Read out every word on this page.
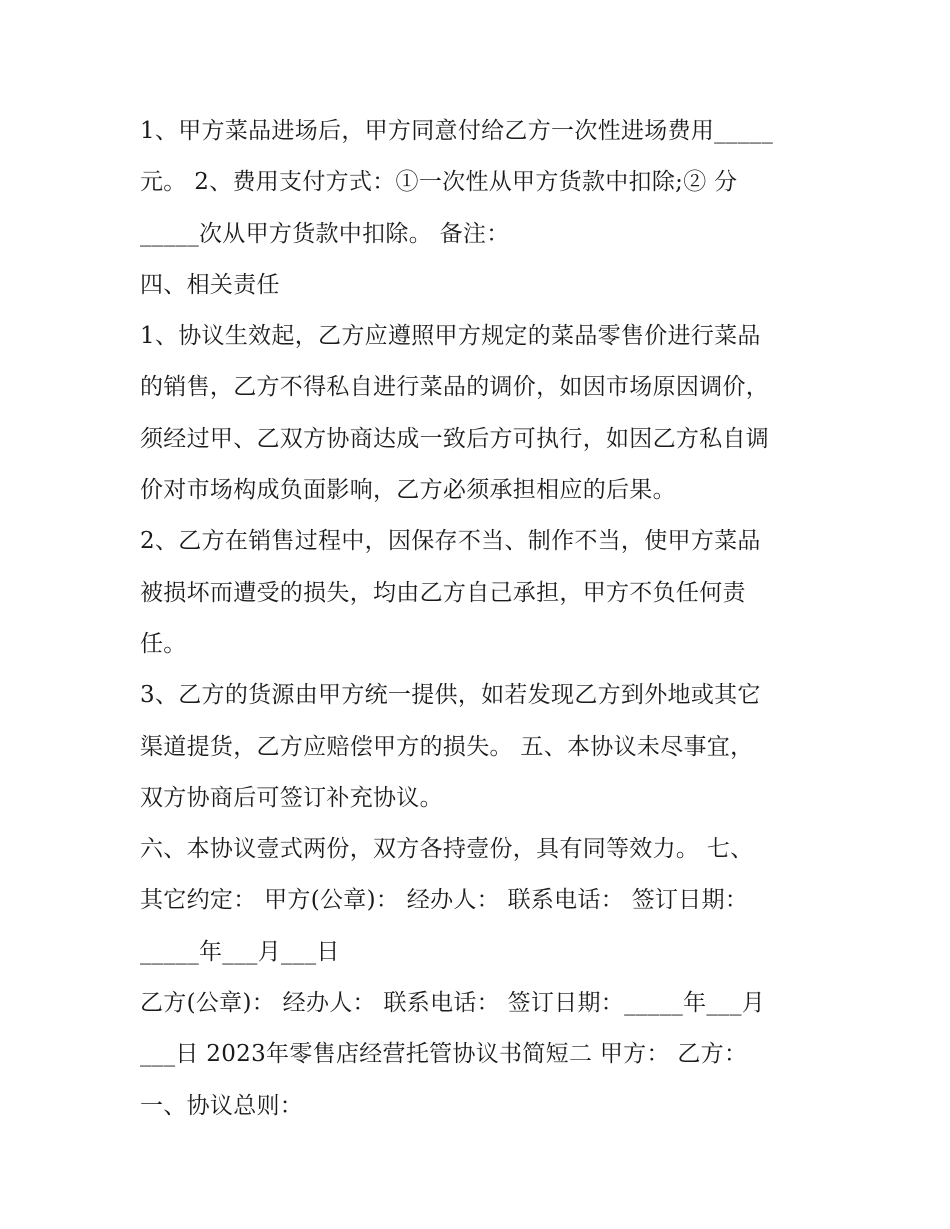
1、甲方菜品进场后，甲方同意付给乙方一次性进场费用_____
元。 2、费用支付方式：①一次性从甲方货款中扣除;② 分
_____次从甲方货款中扣除。 备注：
四、相关责任
1、协议生效起，乙方应遵照甲方规定的菜品零售价进行菜品
的销售，乙方不得私自进行菜品的调价，如因市场原因调价，
须经过甲、乙双方协商达成一致后方可执行，如因乙方私自调
价对市场构成负面影响，乙方必须承担相应的后果。
2、乙方在销售过程中，因保存不当、制作不当，使甲方菜品
被损坏而遭受的损失，均由乙方自己承担，甲方不负任何责
任。
3、乙方的货源由甲方统一提供，如若发现乙方到外地或其它
渠道提货，乙方应赔偿甲方的损失。 五、本协议未尽事宜，
双方协商后可签订补充协议。
六、本协议壹式两份，双方各持壹份，具有同等效力。 七、
其它约定： 甲方(公章)： 经办人： 联系电话： 签订日期：
_____年___月___日
乙方(公章)： 经办人： 联系电话： 签订日期：_____年___月
___日 2023年零售店经营托管协议书简短二 甲方： 乙方：
一、协议总则：
